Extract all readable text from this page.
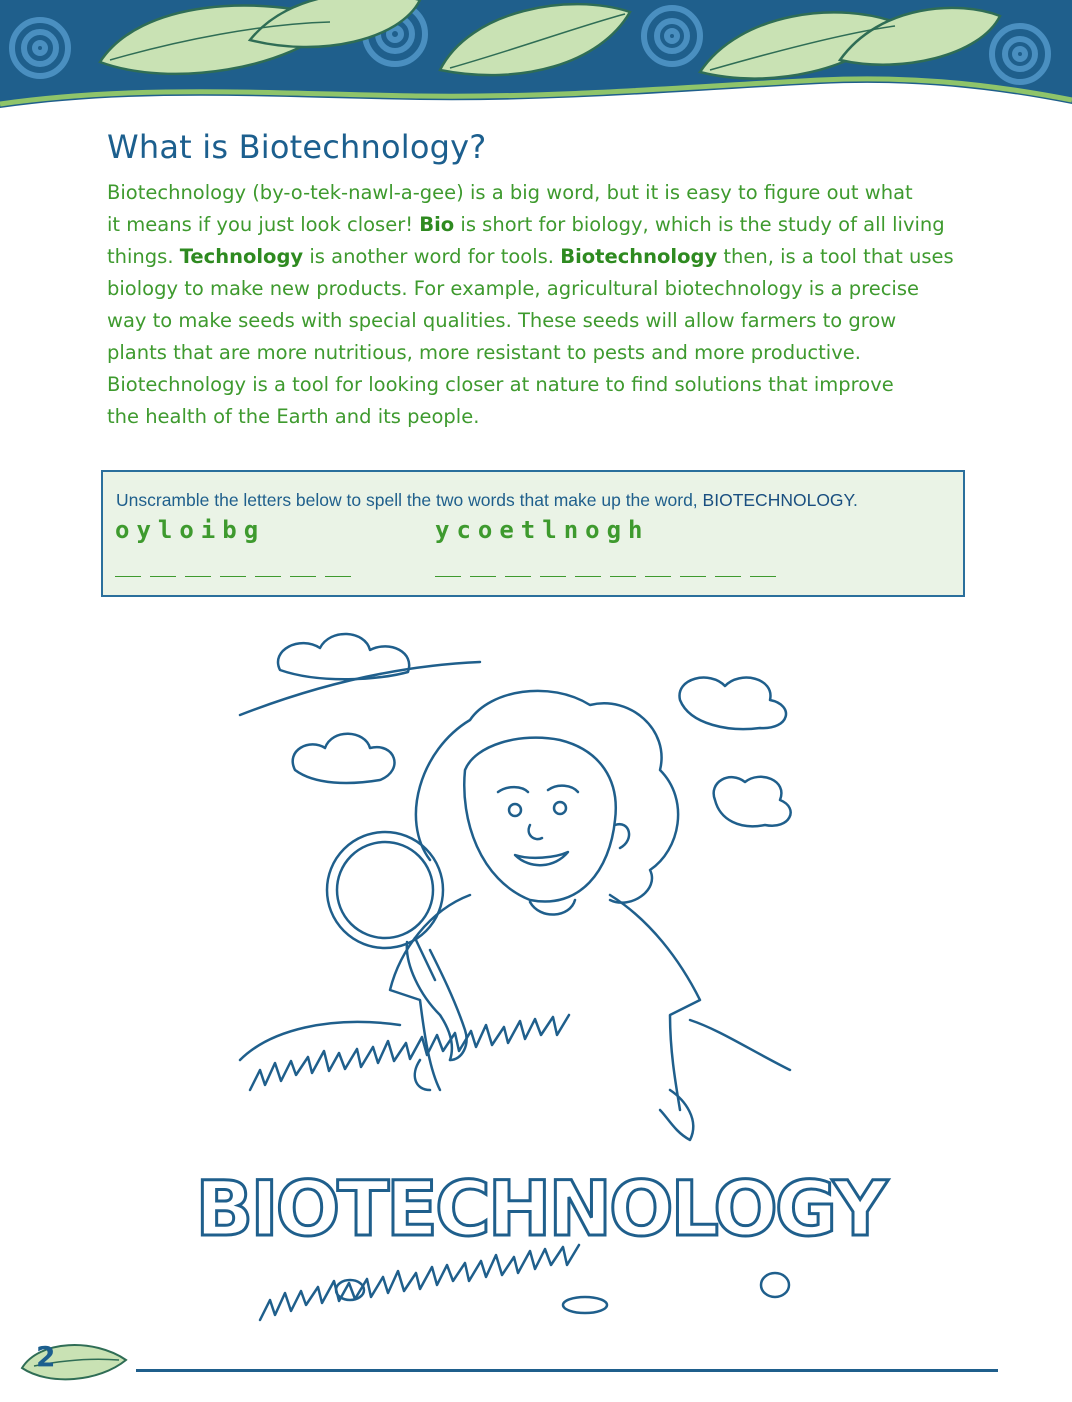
What is Biotechnology?
Biotechnology (by-o-tek-nawl-a-gee) is a big word, but it is easy to figure out what
it means if you just look closer! Bio is short for biology, which is the study of all living
things. Technology is another word for tools. Biotechnology then, is a tool that uses
biology to make new products. For example, agricultural biotechnology is a precise
way to make seeds with special qualities. These seeds will allow farmers to grow
plants that are more nutritious, more resistant to pests and more productive.
Biotechnology is a tool for looking closer at nature to find solutions that improve
the health of the Earth and its people.
Unscramble the letters below to spell the two words that make up the word, BIOTECHNOLOGY.
oyloibg	ycoetlnogh
BIOTECHNOLOGY
2
